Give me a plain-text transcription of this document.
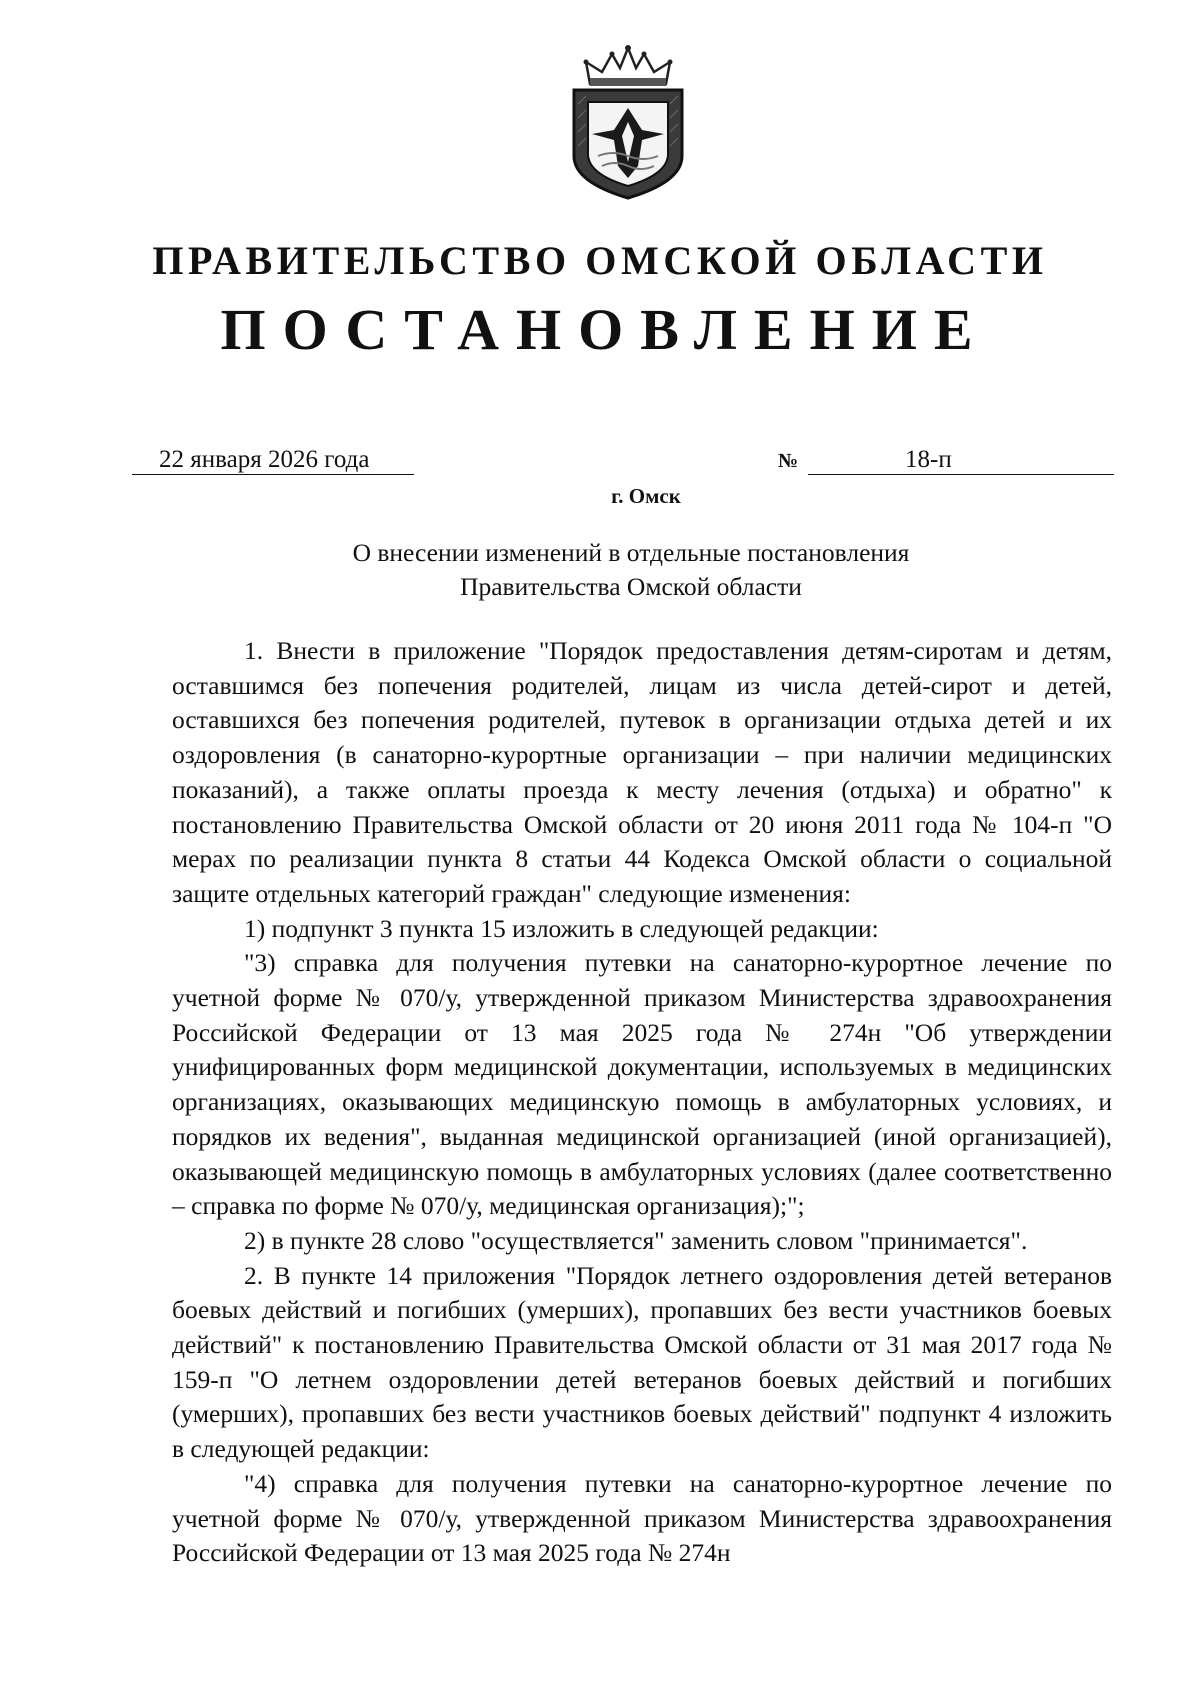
ПРАВИТЕЛЬСТВО ОМСКОЙ ОБЛАСТИ
ПОСТАНОВЛЕНИЕ
22 января 2026 года	№	18-п
г. Омск
О внесении изменений в отдельные постановления
Правительства Омской области

1. Внести в приложение "Порядок предоставления детям-сиротам и детям, оставшимся без попечения родителей, лицам из числа детей-сирот и детей, оставшихся без попечения родителей, путевок в организации отдыха детей и их оздоровления (в санаторно-курортные организации – при наличии медицинских показаний), а также оплаты проезда к месту лечения (отдыха) и обратно" к постановлению Правительства Омской области от 20 июня 2011 года № 104-п "О мерах по реализации пункта 8 статьи 44 Кодекса Омской области о социальной защите отдельных категорий граждан" следующие изменения:

1) подпункт 3 пункта 15 изложить в следующей редакции:

"3) справка для получения путевки на санаторно-курортное лечение по учетной форме № 070/у, утвержденной приказом Министерства здравоохранения Российской Федерации от 13 мая 2025 года № 274н "Об утверждении унифицированных форм медицинской документации, используемых в медицинских организациях, оказывающих медицинскую помощь в амбулаторных условиях, и порядков их ведения", выданная медицинской организацией (иной организацией), оказывающей медицинскую помощь в амбулаторных условиях (далее соответственно – справка по форме № 070/у, медицинская организация);";

2) в пункте 28 слово "осуществляется" заменить словом "принимается".

2. В пункте 14 приложения "Порядок летнего оздоровления детей ветеранов боевых действий и погибших (умерших), пропавших без вести участников боевых действий" к постановлению Правительства Омской области от 31 мая 2017 года № 159-п "О летнем оздоровлении детей ветеранов боевых действий и погибших (умерших), пропавших без вести участников боевых действий" подпункт 4 изложить в следующей редакции:

"4) справка для получения путевки на санаторно-курортное лечение по учетной форме № 070/у, утвержденной приказом Министерства здравоохранения Российской Федерации от 13 мая 2025 года № 274н
